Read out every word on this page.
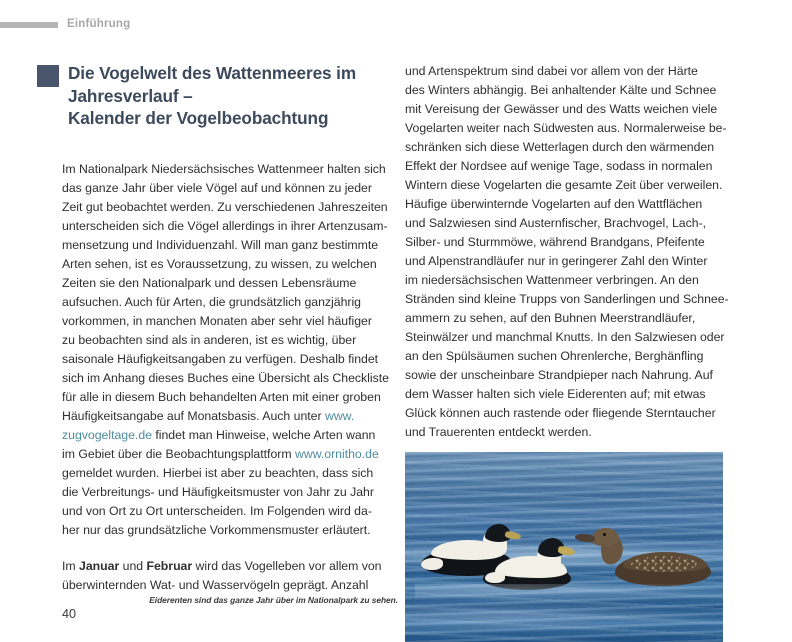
Einführung
Die Vogelwelt des Wattenmeeres im
Jahresverlauf –
Kalender der Vogelbeobachtung

Im Nationalpark Niedersächsisches Wattenmeer halten sich
das ganze Jahr über viele Vögel auf und können zu jeder
Zeit gut beobachtet werden. Zu verschiedenen Jahreszeiten
unterscheiden sich die Vögel allerdings in ihrer Artenzusam-
mensetzung und Individuenzahl. Will man ganz bestimmte
Arten sehen, ist es Voraussetzung, zu wissen, zu welchen
Zeiten sie den Nationalpark und dessen Lebensräume
aufsuchen. Auch für Arten, die grundsätzlich ganzjährig
vorkommen, in manchen Monaten aber sehr viel häufiger
zu beobachten sind als in anderen, ist es wichtig, über
saisonale Häufigkeitsangaben zu verfügen. Deshalb findet
sich im Anhang dieses Buches eine Übersicht als Checkliste
für alle in diesem Buch behandelten Arten mit einer groben
Häufigkeitsangabe auf Monatsbasis. Auch unter www.
zugvogeltage.de findet man Hinweise, welche Arten wann
im Gebiet über die Beobachtungsplattform www.ornitho.de
gemeldet wurden. Hierbei ist aber zu beachten, dass sich
die Verbreitungs- und Häufigkeitsmuster von Jahr zu Jahr
und von Ort zu Ort unterscheiden. Im Folgenden wird da-
her nur das grundsätzliche Vorkommensmuster erläutert.

Im Januar und Februar wird das Vogelleben vor allem von
überwinternden Wat- und Wasservögeln geprägt. Anzahl

und Artenspektrum sind dabei vor allem von der Härte
des Winters abhängig. Bei anhaltender Kälte und Schnee
mit Vereisung der Gewässer und des Watts weichen viele
Vogelarten weiter nach Südwesten aus. Normalerweise be-
schränken sich diese Wetterlagen durch den wärmenden
Effekt der Nordsee auf wenige Tage, sodass in normalen
Wintern diese Vogelarten die gesamte Zeit über verweilen.
Häufige überwinternde Vogelarten auf den Wattflächen
und Salzwiesen sind Austernfischer, Brachvogel, Lach-,
Silber- und Sturmmöwe, während Brandgans, Pfeifente
und Alpenstrandläufer nur in geringerer Zahl den Winter
im niedersächsischen Wattenmeer verbringen. An den
Stränden sind kleine Trupps von Sanderlingen und Schnee-
ammern zu sehen, auf den Buhnen Meerstrandläufer,
Steinwälzer und manchmal Knutts. In den Salzwiesen oder
an den Spülsäumen suchen Ohrenlerche, Berghänfling
sowie der unscheinbare Strandpieper nach Nahrung. Auf
dem Wasser halten sich viele Eiderenten auf; mit etwas
Glück können auch rastende oder fliegende Sterntaucher
und Trauerenten entdeckt werden.

Eiderenten sind das ganze Jahr über im Nationalpark zu sehen.
40
